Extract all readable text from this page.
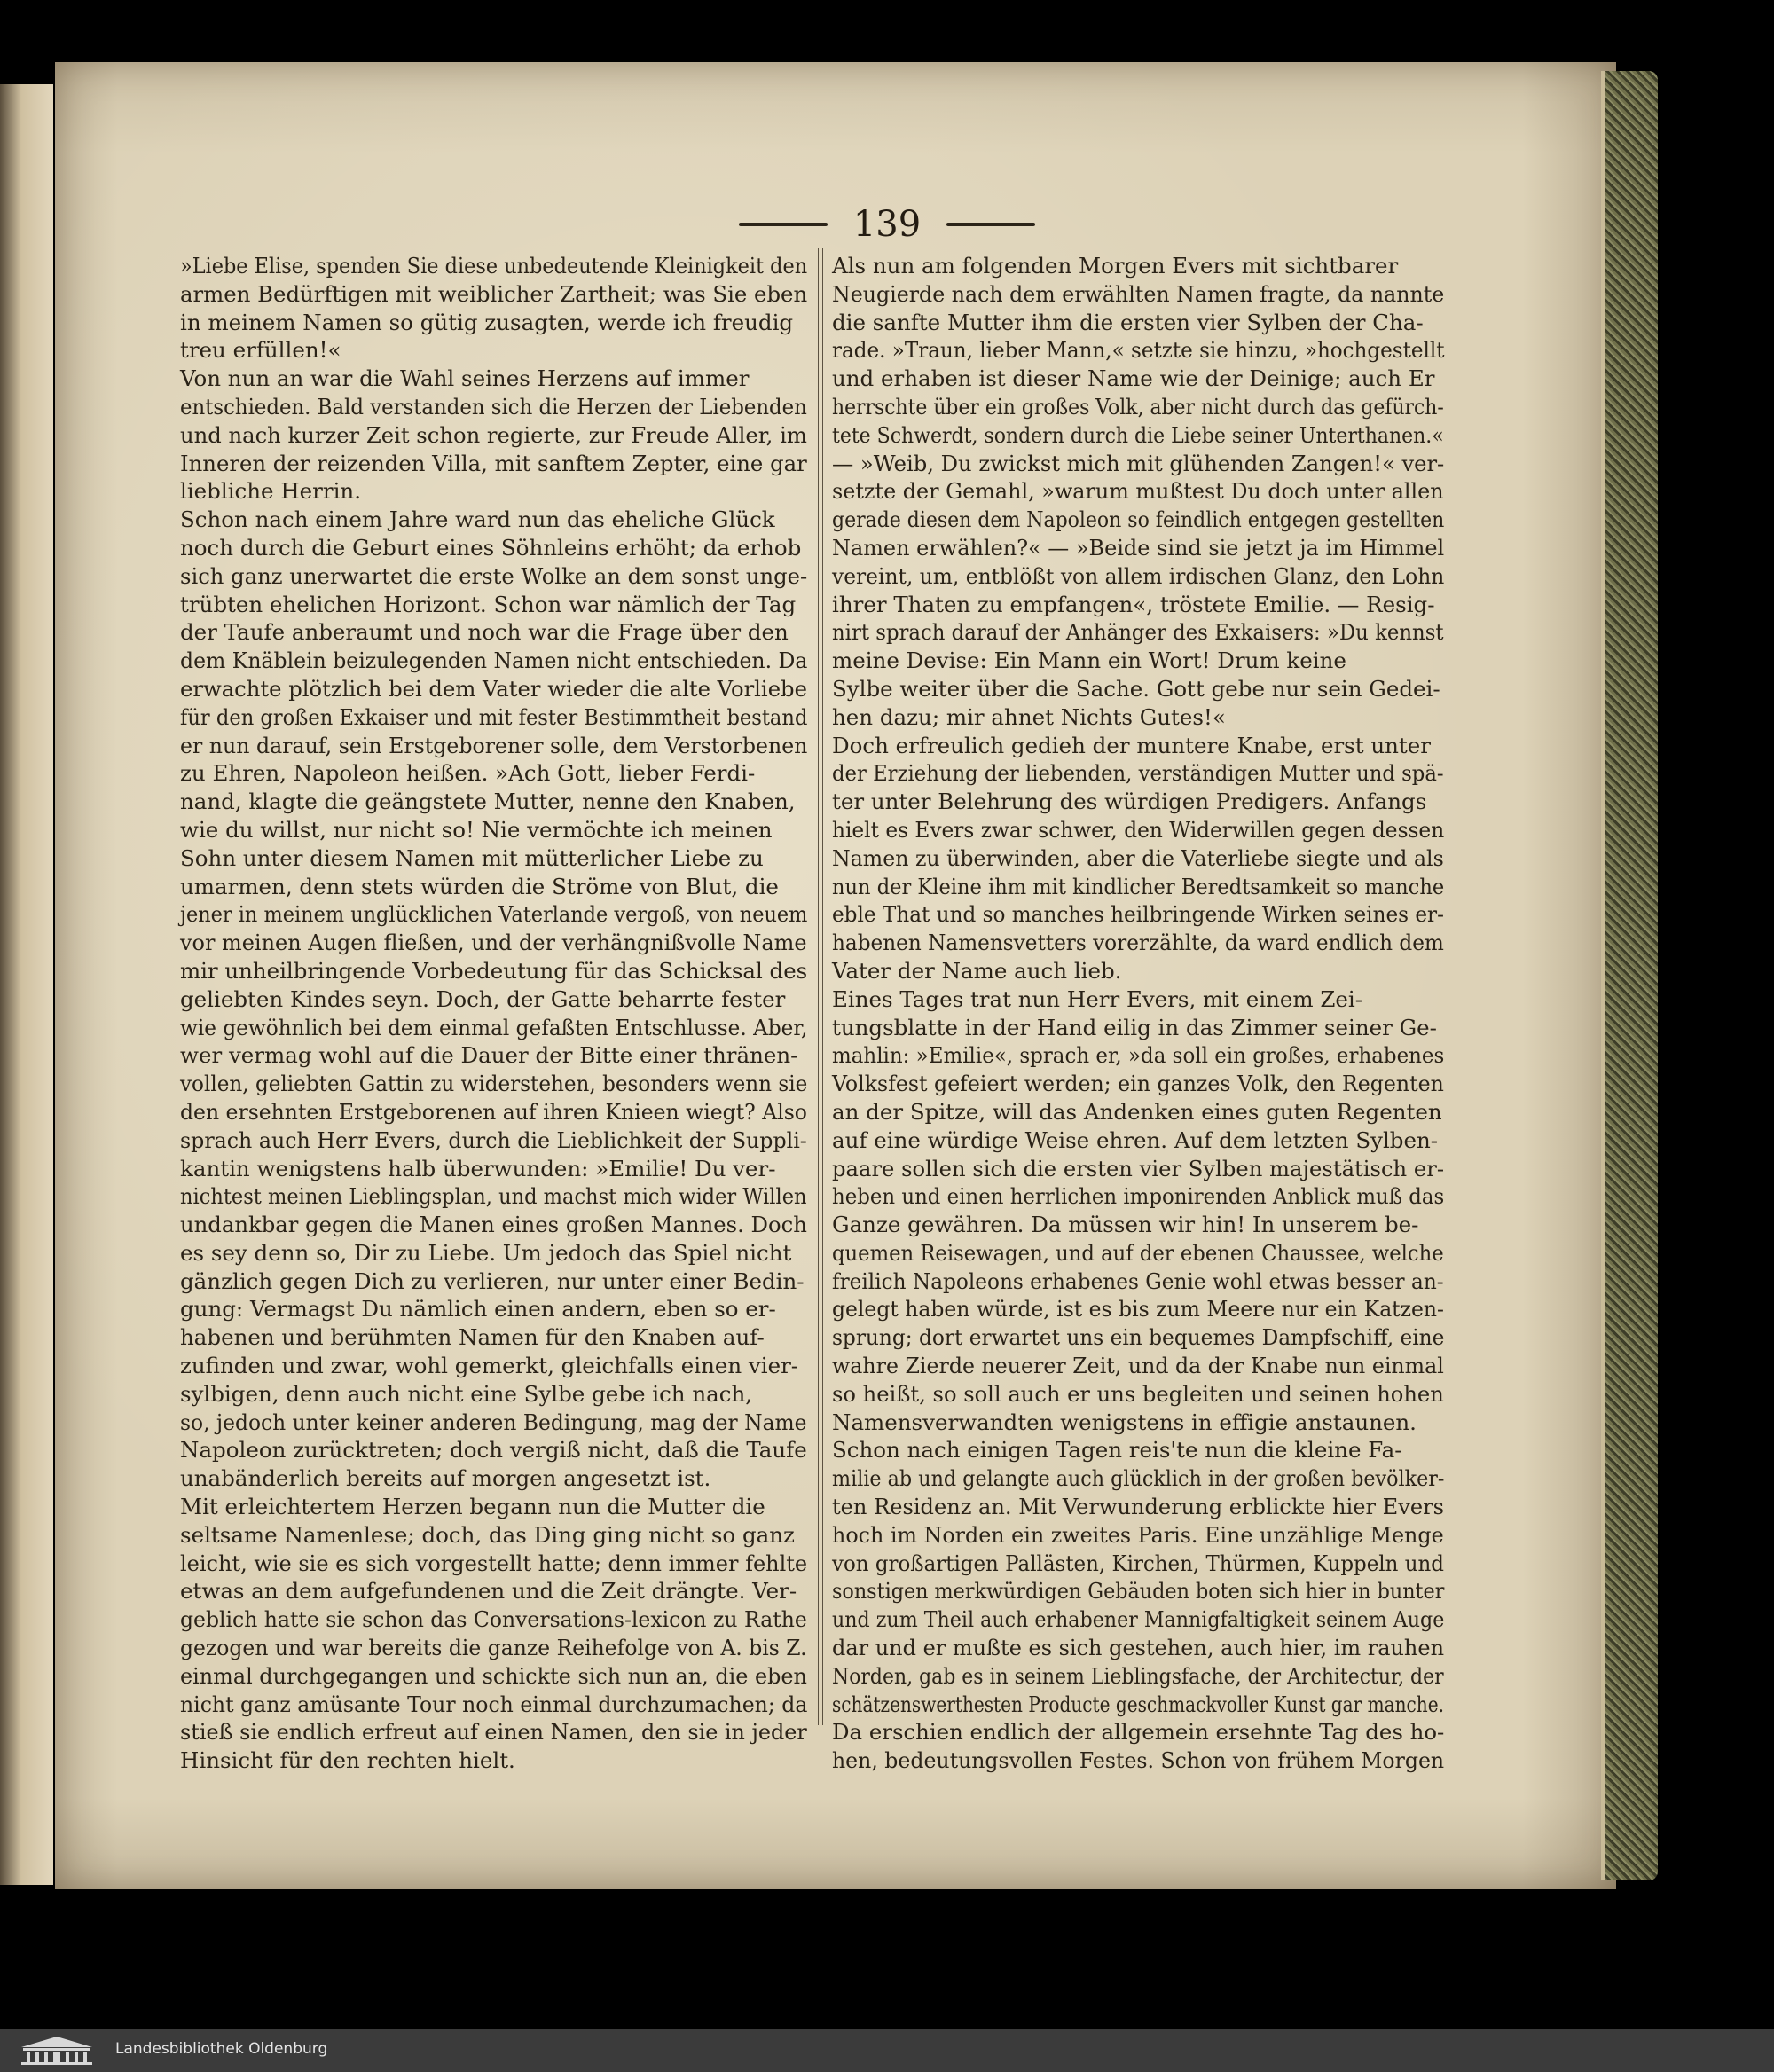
139
»Liebe Elise, spenden Sie diese unbedeutende Kleinigkeit den
armen Bedürftigen mit weiblicher Zartheit; was Sie eben
in meinem Namen so gütig zusagten, werde ich freudig
treu erfüllen!«
Von nun an war die Wahl seines Herzens auf immer
entschieden. Bald verstanden sich die Herzen der Liebenden
und nach kurzer Zeit schon regierte, zur Freude Aller, im
Inneren der reizenden Villa, mit sanftem Zepter, eine gar
liebliche Herrin.
Schon nach einem Jahre ward nun das eheliche Glück
noch durch die Geburt eines Söhnleins erhöht; da erhob
sich ganz unerwartet die erste Wolke an dem sonst unge-
trübten ehelichen Horizont. Schon war nämlich der Tag
der Taufe anberaumt und noch war die Frage über den
dem Knäblein beizulegenden Namen nicht entschieden. Da
erwachte plötzlich bei dem Vater wieder die alte Vorliebe
für den großen Exkaiser und mit fester Bestimmtheit bestand
er nun darauf, sein Erstgeborener solle, dem Verstorbenen
zu Ehren, Napoleon heißen. »Ach Gott, lieber Ferdi-
nand, klagte die geängstete Mutter, nenne den Knaben,
wie du willst, nur nicht so! Nie vermöchte ich meinen
Sohn unter diesem Namen mit mütterlicher Liebe zu
umarmen, denn stets würden die Ströme von Blut, die
jener in meinem unglücklichen Vaterlande vergoß, von neuem
vor meinen Augen fließen, und der verhängnißvolle Name
mir unheilbringende Vorbedeutung für das Schicksal des
geliebten Kindes seyn. Doch, der Gatte beharrte fester
wie gewöhnlich bei dem einmal gefaßten Entschlusse. Aber,
wer vermag wohl auf die Dauer der Bitte einer thränen-
vollen, geliebten Gattin zu widerstehen, besonders wenn sie
den ersehnten Erstgeborenen auf ihren Knieen wiegt? Also
sprach auch Herr Evers, durch die Lieblichkeit der Suppli-
kantin wenigstens halb überwunden: »Emilie! Du ver-
nichtest meinen Lieblingsplan, und machst mich wider Willen
undankbar gegen die Manen eines großen Mannes. Doch
es sey denn so, Dir zu Liebe. Um jedoch das Spiel nicht
gänzlich gegen Dich zu verlieren, nur unter einer Bedin-
gung: Vermagst Du nämlich einen andern, eben so er-
habenen und berühmten Namen für den Knaben auf-
zufinden und zwar, wohl gemerkt, gleichfalls einen vier-
sylbigen, denn auch nicht eine Sylbe gebe ich nach,
so, jedoch unter keiner anderen Bedingung, mag der Name
Napoleon zurücktreten; doch vergiß nicht, daß die Taufe
unabänderlich bereits auf morgen angesetzt ist.
Mit erleichtertem Herzen begann nun die Mutter die
seltsame Namenlese; doch, das Ding ging nicht so ganz
leicht, wie sie es sich vorgestellt hatte; denn immer fehlte
etwas an dem aufgefundenen und die Zeit drängte. Ver-
geblich hatte sie schon das Conversations-lexicon zu Rathe
gezogen und war bereits die ganze Reihefolge von A. bis Z.
einmal durchgegangen und schickte sich nun an, die eben
nicht ganz amüsante Tour noch einmal durchzumachen; da
stieß sie endlich erfreut auf einen Namen, den sie in jeder
Hinsicht für den rechten hielt.
Als nun am folgenden Morgen Evers mit sichtbarer
Neugierde nach dem erwählten Namen fragte, da nannte
die sanfte Mutter ihm die ersten vier Sylben der Cha-
rade. »Traun, lieber Mann,« setzte sie hinzu, »hochgestellt
und erhaben ist dieser Name wie der Deinige; auch Er
herrschte über ein großes Volk, aber nicht durch das gefürch-
tete Schwerdt, sondern durch die Liebe seiner Unterthanen.«
— »Weib, Du zwickst mich mit glühenden Zangen!« ver-
setzte der Gemahl, »warum mußtest Du doch unter allen
gerade diesen dem Napoleon so feindlich entgegen gestellten
Namen erwählen?« — »Beide sind sie jetzt ja im Himmel
vereint, um, entblößt von allem irdischen Glanz, den Lohn
ihrer Thaten zu empfangen«, tröstete Emilie. — Resig-
nirt sprach darauf der Anhänger des Exkaisers: »Du kennst
meine Devise: Ein Mann ein Wort! Drum keine
Sylbe weiter über die Sache. Gott gebe nur sein Gedei-
hen dazu; mir ahnet Nichts Gutes!«
Doch erfreulich gedieh der muntere Knabe, erst unter
der Erziehung der liebenden, verständigen Mutter und spä-
ter unter Belehrung des würdigen Predigers. Anfangs
hielt es Evers zwar schwer, den Widerwillen gegen dessen
Namen zu überwinden, aber die Vaterliebe siegte und als
nun der Kleine ihm mit kindlicher Beredtsamkeit so manche
eble That und so manches heilbringende Wirken seines er-
habenen Namensvetters vorerzählte, da ward endlich dem
Vater der Name auch lieb.
Eines Tages trat nun Herr Evers, mit einem Zei-
tungsblatte in der Hand eilig in das Zimmer seiner Ge-
mahlin: »Emilie«, sprach er, »da soll ein großes, erhabenes
Volksfest gefeiert werden; ein ganzes Volk, den Regenten
an der Spitze, will das Andenken eines guten Regenten
auf eine würdige Weise ehren. Auf dem letzten Sylben-
paare sollen sich die ersten vier Sylben majestätisch er-
heben und einen herrlichen imponirenden Anblick muß das
Ganze gewähren. Da müssen wir hin! In unserem be-
quemen Reisewagen, und auf der ebenen Chaussee, welche
freilich Napoleons erhabenes Genie wohl etwas besser an-
gelegt haben würde, ist es bis zum Meere nur ein Katzen-
sprung; dort erwartet uns ein bequemes Dampfschiff, eine
wahre Zierde neuerer Zeit, und da der Knabe nun einmal
so heißt, so soll auch er uns begleiten und seinen hohen
Namensverwandten wenigstens in effigie anstaunen.
Schon nach einigen Tagen reis'te nun die kleine Fa-
milie ab und gelangte auch glücklich in der großen bevölker-
ten Residenz an. Mit Verwunderung erblickte hier Evers
hoch im Norden ein zweites Paris. Eine unzählige Menge
von großartigen Pallästen, Kirchen, Thürmen, Kuppeln und
sonstigen merkwürdigen Gebäuden boten sich hier in bunter
und zum Theil auch erhabener Mannigfaltigkeit seinem Auge
dar und er mußte es sich gestehen, auch hier, im rauhen
Norden, gab es in seinem Lieblingsfache, der Architectur, der
schätzenswerthesten Producte geschmackvoller Kunst gar manche.
Da erschien endlich der allgemein ersehnte Tag des ho-
hen, bedeutungsvollen Festes. Schon von frühem Morgen
Landesbibliothek Oldenburg
